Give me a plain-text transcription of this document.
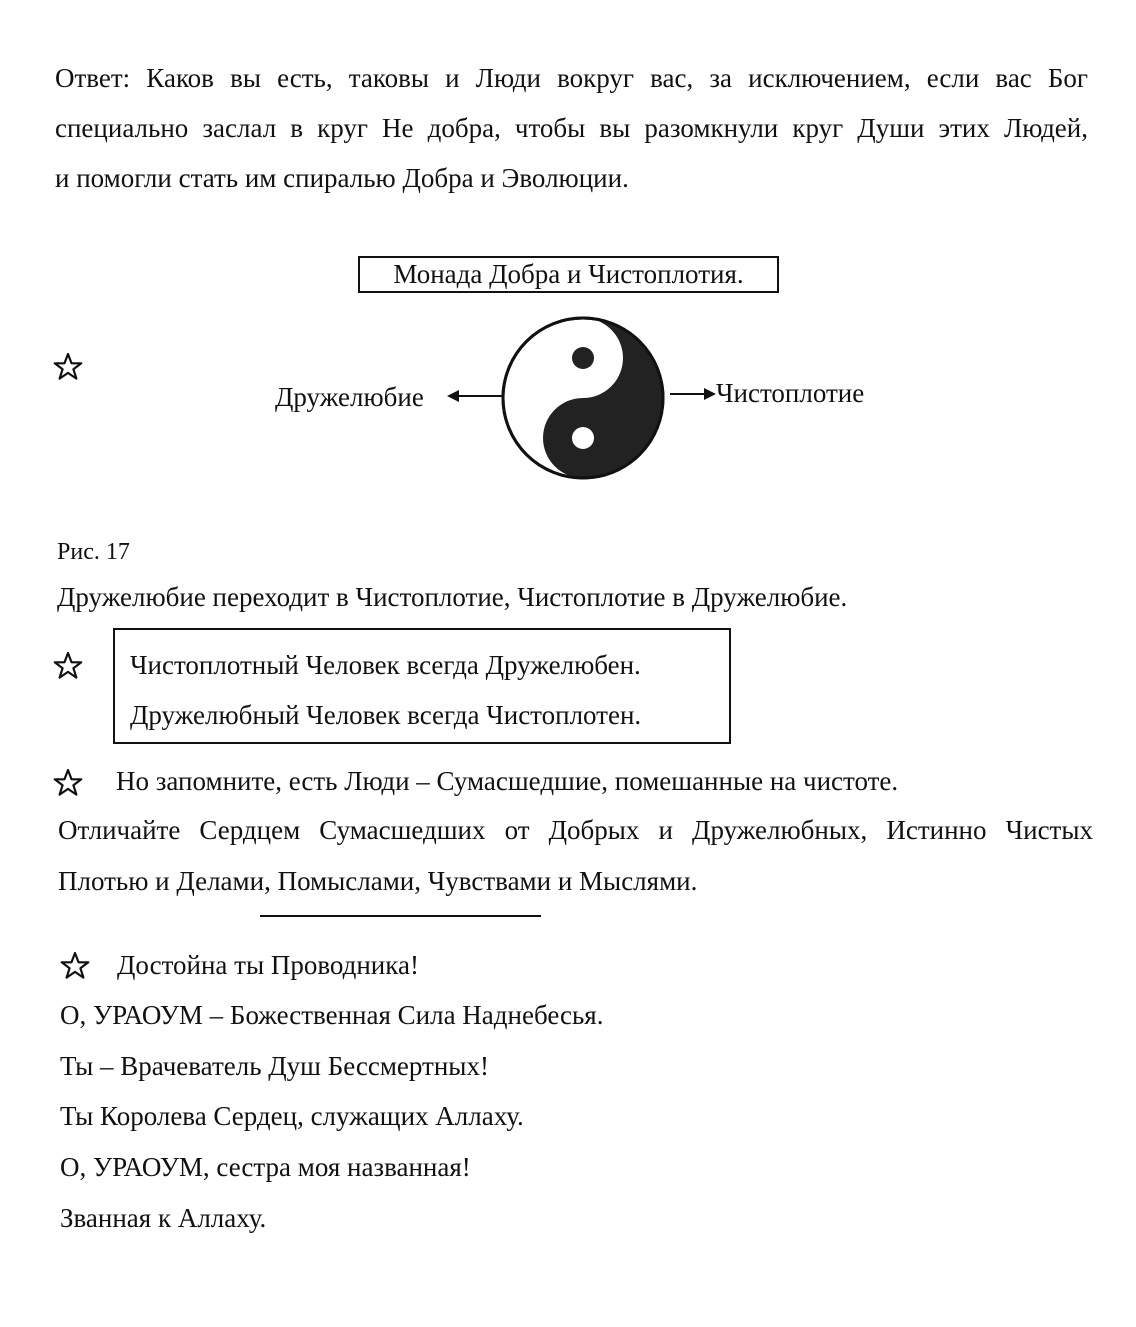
Ответ: Каков вы есть, таковы и Люди вокруг вас, за исключением, если вас Бог
специально заслал в круг Не добра, чтобы вы разомкнули круг Души этих Людей,
и помогли стать им спиралью Добра и Эволюции.
Монада Добра и Чистоплотия.
Дружелюбие	Чистоплотие
Рис. 17
Дружелюбие переходит в Чистоплотие, Чистоплотие в Дружелюбие.
Чистоплотный Человек всегда Дружелюбен.
Дружелюбный Человек всегда Чистоплотен.
Но запомните, есть Люди – Сумасшедшие, помешанные на чистоте.
Отличайте Сердцем Сумасшедших от Добрых и Дружелюбных, Истинно Чистых
Плотью и Делами, Помыслами, Чувствами и Мыслями.
Достойна ты Проводника!
О, УРАОУМ – Божественная Сила Наднебесья.
Ты – Врачеватель Душ Бессмертных!
Ты Королева Сердец, служащих Аллаху.
О, УРАОУМ, сестра моя названная!
Званная к Аллаху.
